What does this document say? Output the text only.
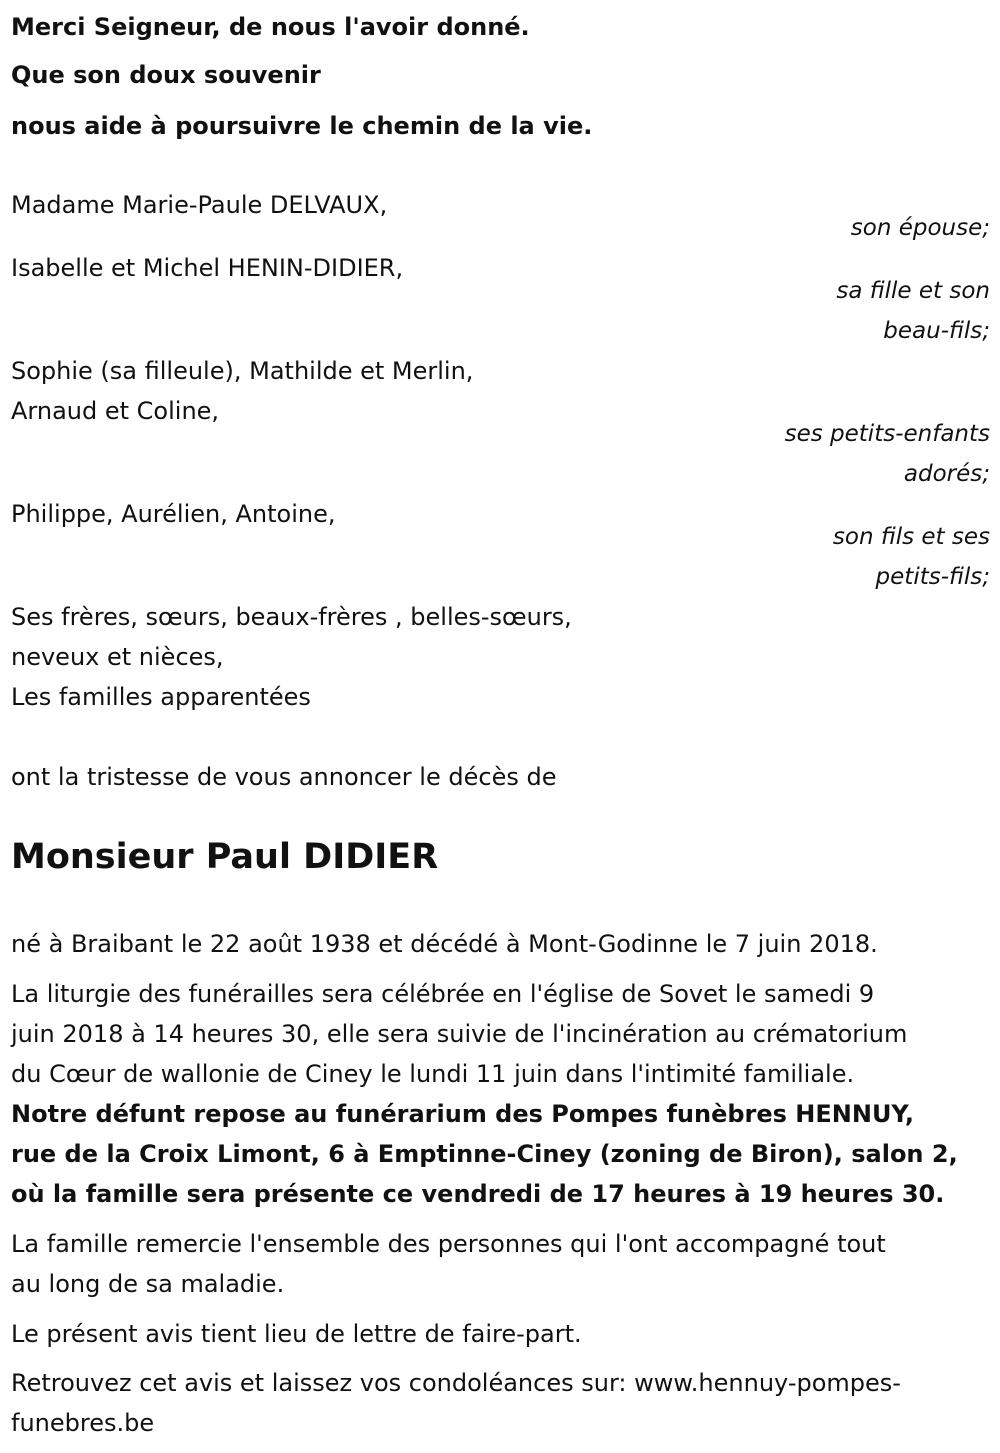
Merci Seigneur, de nous l'avoir donné.
Que son doux souvenir
nous aide à poursuivre le chemin de la vie.
Madame Marie-Paule DELVAUX,
son épouse;
Isabelle et Michel HENIN-DIDIER,
sa fille et son
beau-fils;
Sophie (sa filleule), Mathilde et Merlin,
Arnaud et Coline,
ses petits-enfants
adorés;
Philippe, Aurélien, Antoine,
son fils et ses
petits-fils;
Ses frères, sœurs, beaux-frères , belles-sœurs,
neveux et nièces,
Les familles apparentées
ont la tristesse de vous annoncer le décès de
Monsieur Paul DIDIER
né à Braibant le 22 août 1938 et décédé à Mont-Godinne le 7 juin 2018.
La liturgie des funérailles sera célébrée en l'église de Sovet le samedi 9
juin 2018 à 14 heures 30, elle sera suivie de l'incinération au crématorium
du Cœur de wallonie de Ciney le lundi 11 juin dans l'intimité familiale.
Notre défunt repose au funérarium des Pompes funèbres HENNUY,
rue de la Croix Limont, 6 à Emptinne-Ciney (zoning de Biron), salon 2,
où la famille sera présente ce vendredi de 17 heures à 19 heures 30.
La famille remercie l'ensemble des personnes qui l'ont accompagné tout
au long de sa maladie.
Le présent avis tient lieu de lettre de faire-part.
Retrouvez cet avis et laissez vos condoléances sur: www.hennuy-pompes-
funebres.be
